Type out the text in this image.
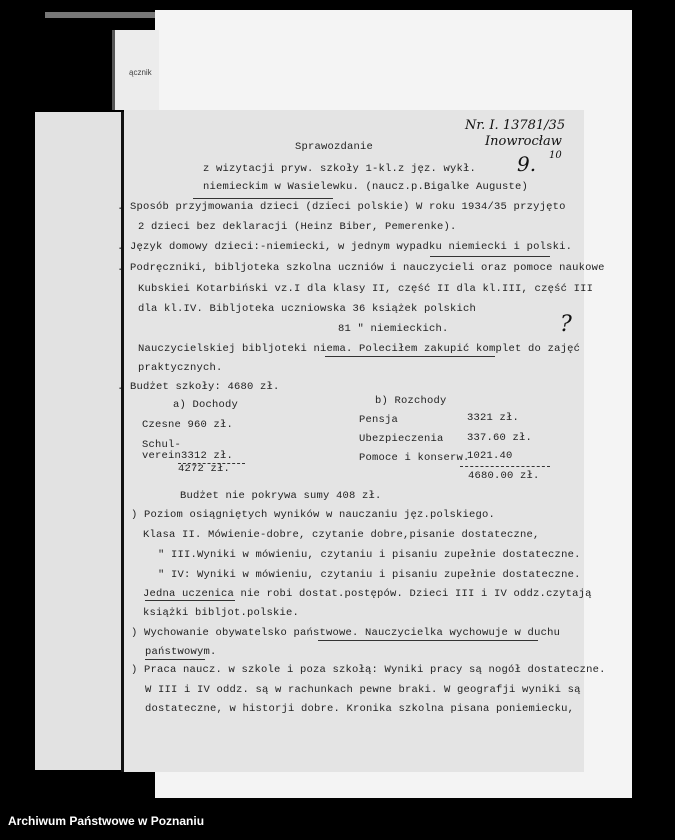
ącznik
Nr. I. 13781/35
Inowrocław
9. 10
Sprawozdanie
z wizytacji pryw. szkoły 1-kl.z jęz. wykł.
niemieckim w Wasielewku. (naucz.p.Bigalke Auguste)
. Sposób przyjmowania dzieci (dzieci polskie) W roku 1934/35 przyjęto
2 dzieci bez deklaracji (Heinz Biber, Pemerenke).
. Język domowy dzieci:-niemiecki, w jednym wypadku niemiecki i polski.
. Podręczniki, bibljoteka szkolna uczniów i nauczycieli oraz pomoce naukowe
Kubskiei Kotarbiński vz.I dla klasy II, część II dla kl.III, część III
dla kl.IV. Bibljoteka uczniowska 36 książek polskich
81 " niemieckich.
Nauczycielskiej bibljoteki niema. Poleciłem zakupić komplet do zajęć
?
praktycznych.
. Budżet szkoły: 4680 zł.
a) Dochody	b) Rozchody
Czesne 960 zł.
Schul-
verein3312 zł.
4272 zł.
Pensja	3321 zł.
Ubezpieczenia 337.60 zł.
Pomoce i konserw.
1021.40
4680.00 zł.
Budżet nie pokrywa sumy 408 zł.
) Poziom osiągniętych wyników w nauczaniu jęz.polskiego.
Klasa II. Mówienie-dobre, czytanie dobre,pisanie dostateczne,
" III.Wyniki w mówieniu, czytaniu i pisaniu zupełnie dostateczne.
" IV: Wyniki w mówieniu, czytaniu i pisaniu zupełnie dostateczne.
Jedna uczenica nie robi dostat.postępów. Dzieci III i IV oddz.czytają
książki bibljot.polskie.
) Wychowanie obywatelsko państwowe. Nauczycielka wychowuje w duchu
państwowym.
) Praca naucz. w szkole i poza szkołą: Wyniki pracy są nogół dostateczne.
W III i IV oddz. są w rachunkach pewne braki. W geografji wyniki są
dostateczne, w historji dobre. Kronika szkolna pisana poniemiecku,
Archiwum Państwowe w Poznaniu
